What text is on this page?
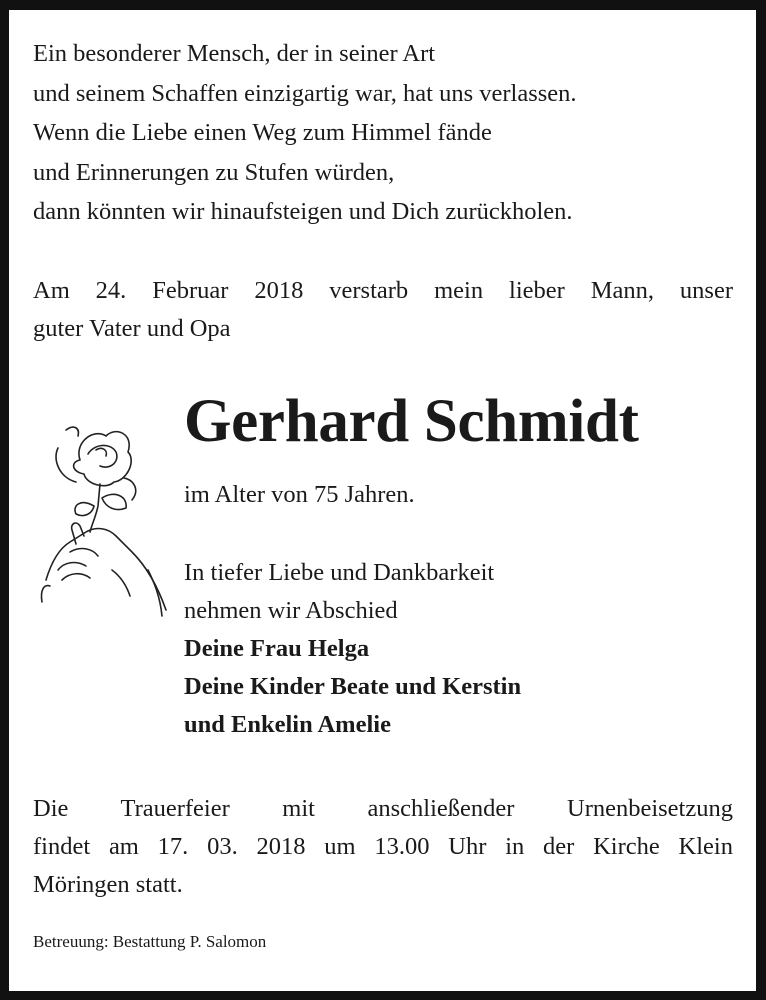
Ein besonderer Mensch, der in seiner Art
und seinem Schaffen einzigartig war, hat uns verlassen.
Wenn die Liebe einen Weg zum Himmel fände
und Erinnerungen zu Stufen würden,
dann könnten wir hinaufsteigen und Dich zurückholen.
Am 24. Februar 2018 verstarb mein lieber Mann, unser
guter Vater und Opa
Gerhard Schmidt
im Alter von 75 Jahren.
In tiefer Liebe und Dankbarkeit
nehmen wir Abschied
Deine Frau Helga
Deine Kinder Beate und Kerstin
und Enkelin Amelie
Die Trauerfeier mit anschließender Urnenbeisetzung
findet am 17. 03. 2018 um 13.00 Uhr in der Kirche Klein
Möringen statt.
Betreuung: Bestattung P. Salomon
